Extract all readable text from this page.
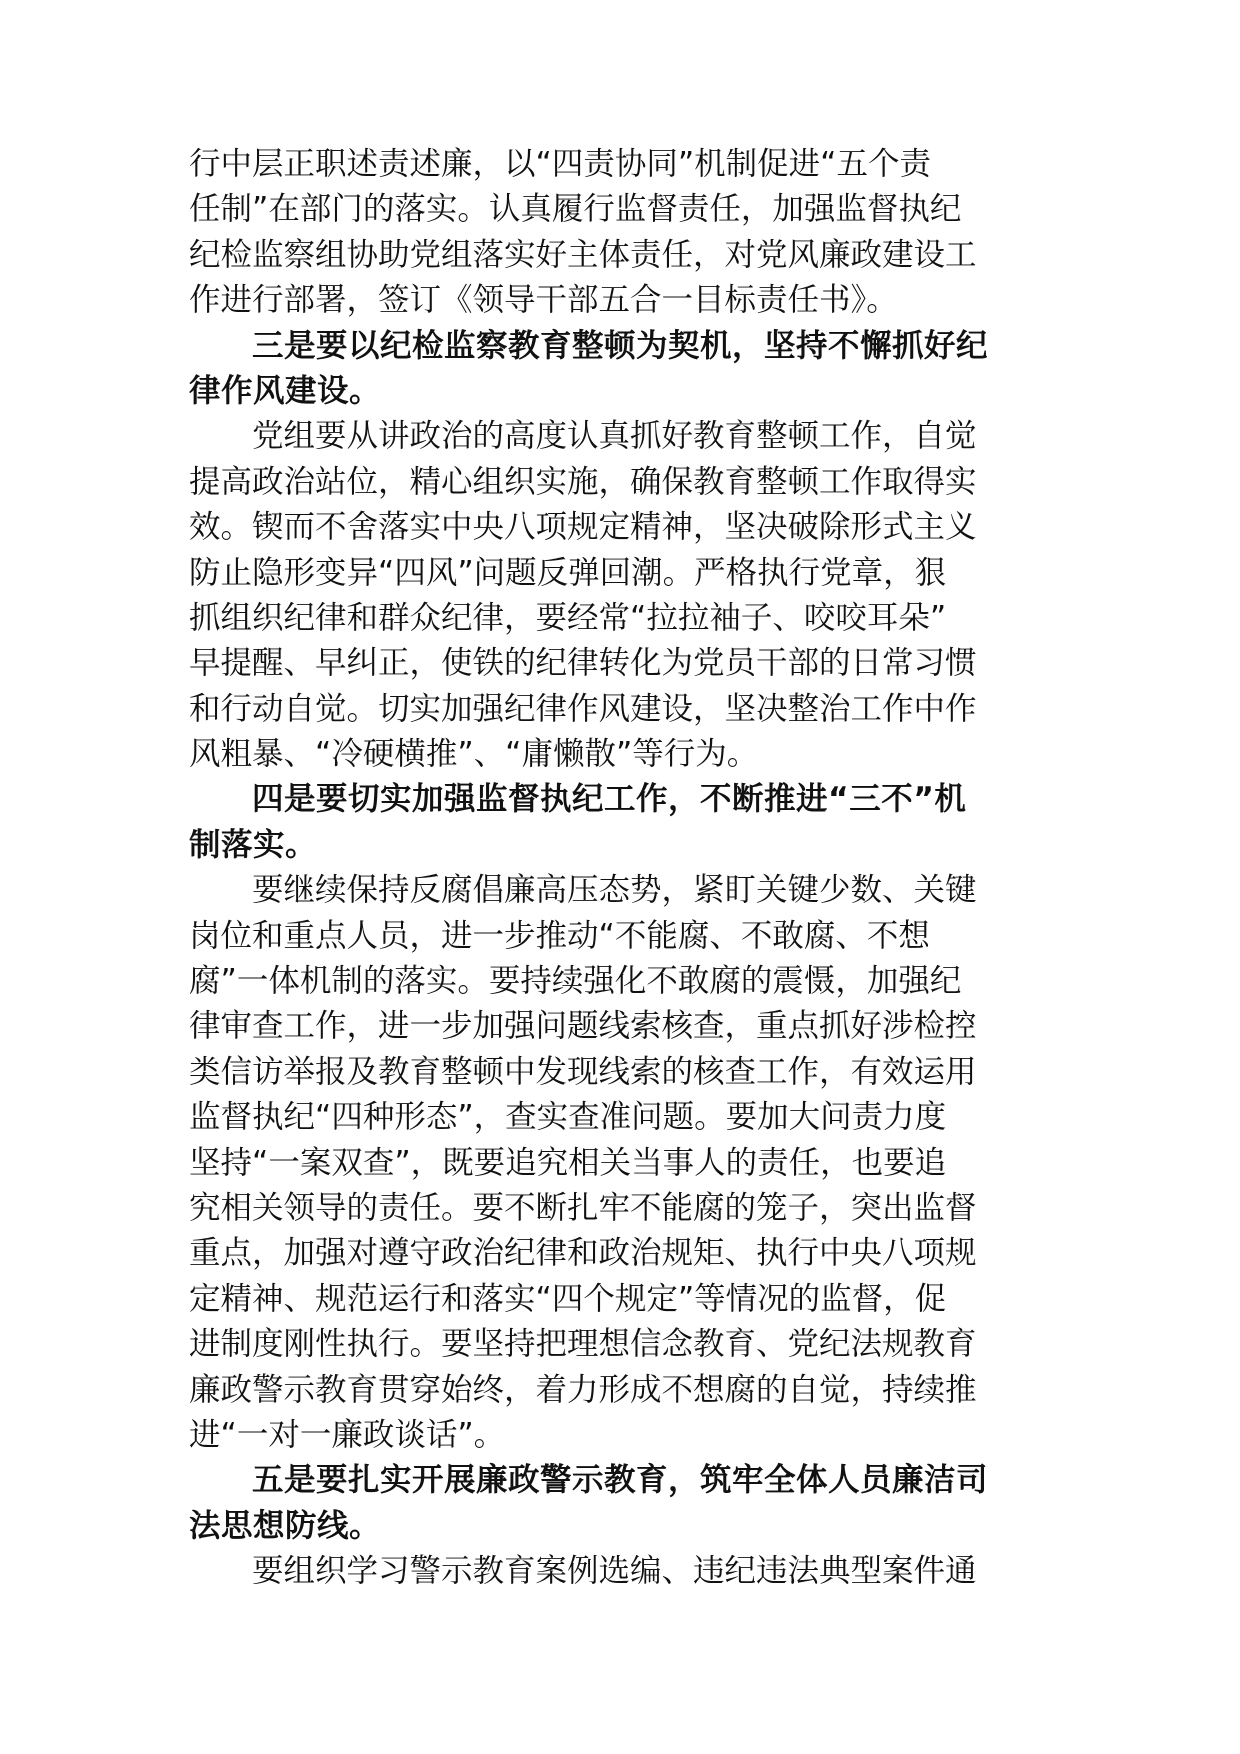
行中层正职述责述廉，以“四责协同”机制促进“五个责
任制”在部门的落实。认真履行监督责任，加强监督执纪
纪检监察组协助党组落实好主体责任，对党风廉政建设工
作进行部署，签订《领导干部五合一目标责任书》。
三是要以纪检监察教育整顿为契机，坚持不懈抓好纪
律作风建设。
党组要从讲政治的高度认真抓好教育整顿工作，自觉
提高政治站位，精心组织实施，确保教育整顿工作取得实
效。锲而不舍落实中央八项规定精神，坚决破除形式主义
防止隐形变异“四风”问题反弹回潮。严格执行党章，狠
抓组织纪律和群众纪律，要经常“拉拉袖子、咬咬耳朵”
早提醒、早纠正，使铁的纪律转化为党员干部的日常习惯
和行动自觉。切实加强纪律作风建设，坚决整治工作中作
风粗暴、“冷硬横推”、“庸懒散”等行为。
四是要切实加强监督执纪工作，不断推进“三不”机
制落实。
要继续保持反腐倡廉高压态势，紧盯关键少数、关键
岗位和重点人员，进一步推动“不能腐、不敢腐、不想
腐”一体机制的落实。要持续强化不敢腐的震慑，加强纪
律审查工作，进一步加强问题线索核查，重点抓好涉检控
类信访举报及教育整顿中发现线索的核查工作，有效运用
监督执纪“四种形态”，查实查准问题。要加大问责力度
坚持“一案双查”，既要追究相关当事人的责任，也要追
究相关领导的责任。要不断扎牢不能腐的笼子，突出监督
重点，加强对遵守政治纪律和政治规矩、执行中央八项规
定精神、规范运行和落实“四个规定”等情况的监督，促
进制度刚性执行。要坚持把理想信念教育、党纪法规教育
廉政警示教育贯穿始终，着力形成不想腐的自觉，持续推
进“一对一廉政谈话”。
五是要扎实开展廉政警示教育，筑牢全体人员廉洁司
法思想防线。
要组织学习警示教育案例选编、违纪违法典型案件通
